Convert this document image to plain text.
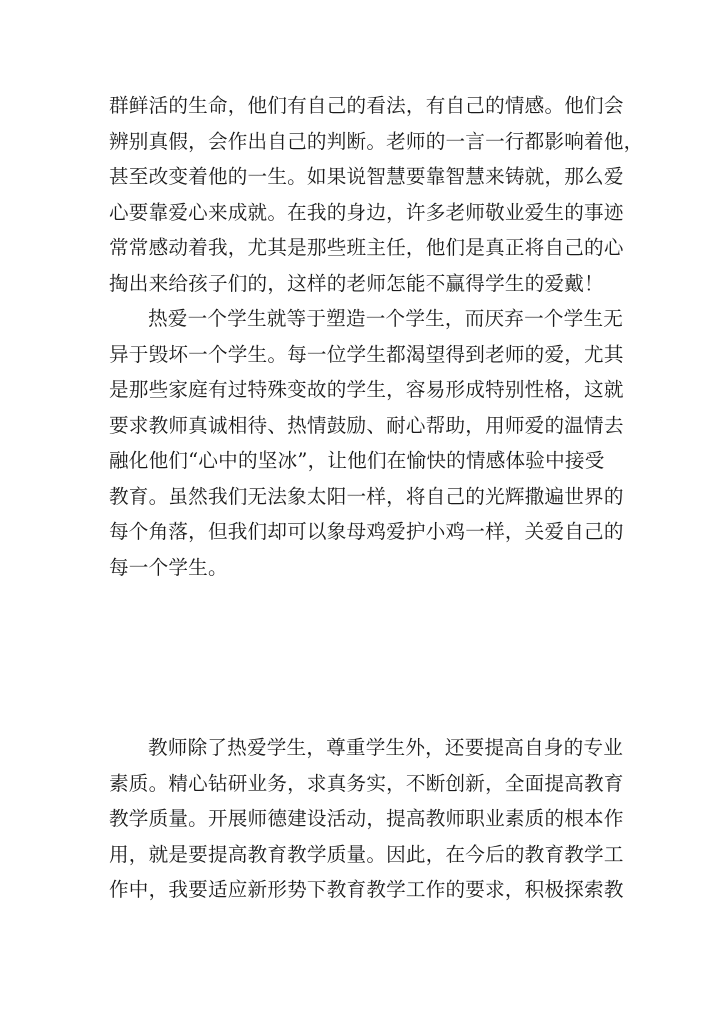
群鲜活的生命，他们有自己的看法，有自己的情感。他们会
辨别真假，会作出自己的判断。老师的一言一行都影响着他，
甚至改变着他的一生。如果说智慧要靠智慧来铸就，那么爱
心要靠爱心来成就。在我的身边，许多老师敬业爱生的事迹
常常感动着我，尤其是那些班主任，他们是真正将自己的心
掏出来给孩子们的，这样的老师怎能不赢得学生的爱戴！
热爱一个学生就等于塑造一个学生，而厌弃一个学生无
异于毁坏一个学生。每一位学生都渴望得到老师的爱，尤其
是那些家庭有过特殊变故的学生，容易形成特别性格，这就
要求教师真诚相待、热情鼓励、耐心帮助，用师爱的温情去
融化他们“心中的坚冰”，让他们在愉快的情感体验中接受
教育。虽然我们无法象太阳一样，将自己的光辉撒遍世界的
每个角落，但我们却可以象母鸡爱护小鸡一样，关爱自己的
每一个学生。
教师除了热爱学生，尊重学生外，还要提高自身的专业
素质。精心钻研业务，求真务实，不断创新，全面提高教育
教学质量。开展师德建设活动，提高教师职业素质的根本作
用，就是要提高教育教学质量。因此，在今后的教育教学工
作中，我要适应新形势下教育教学工作的要求，积极探索教
